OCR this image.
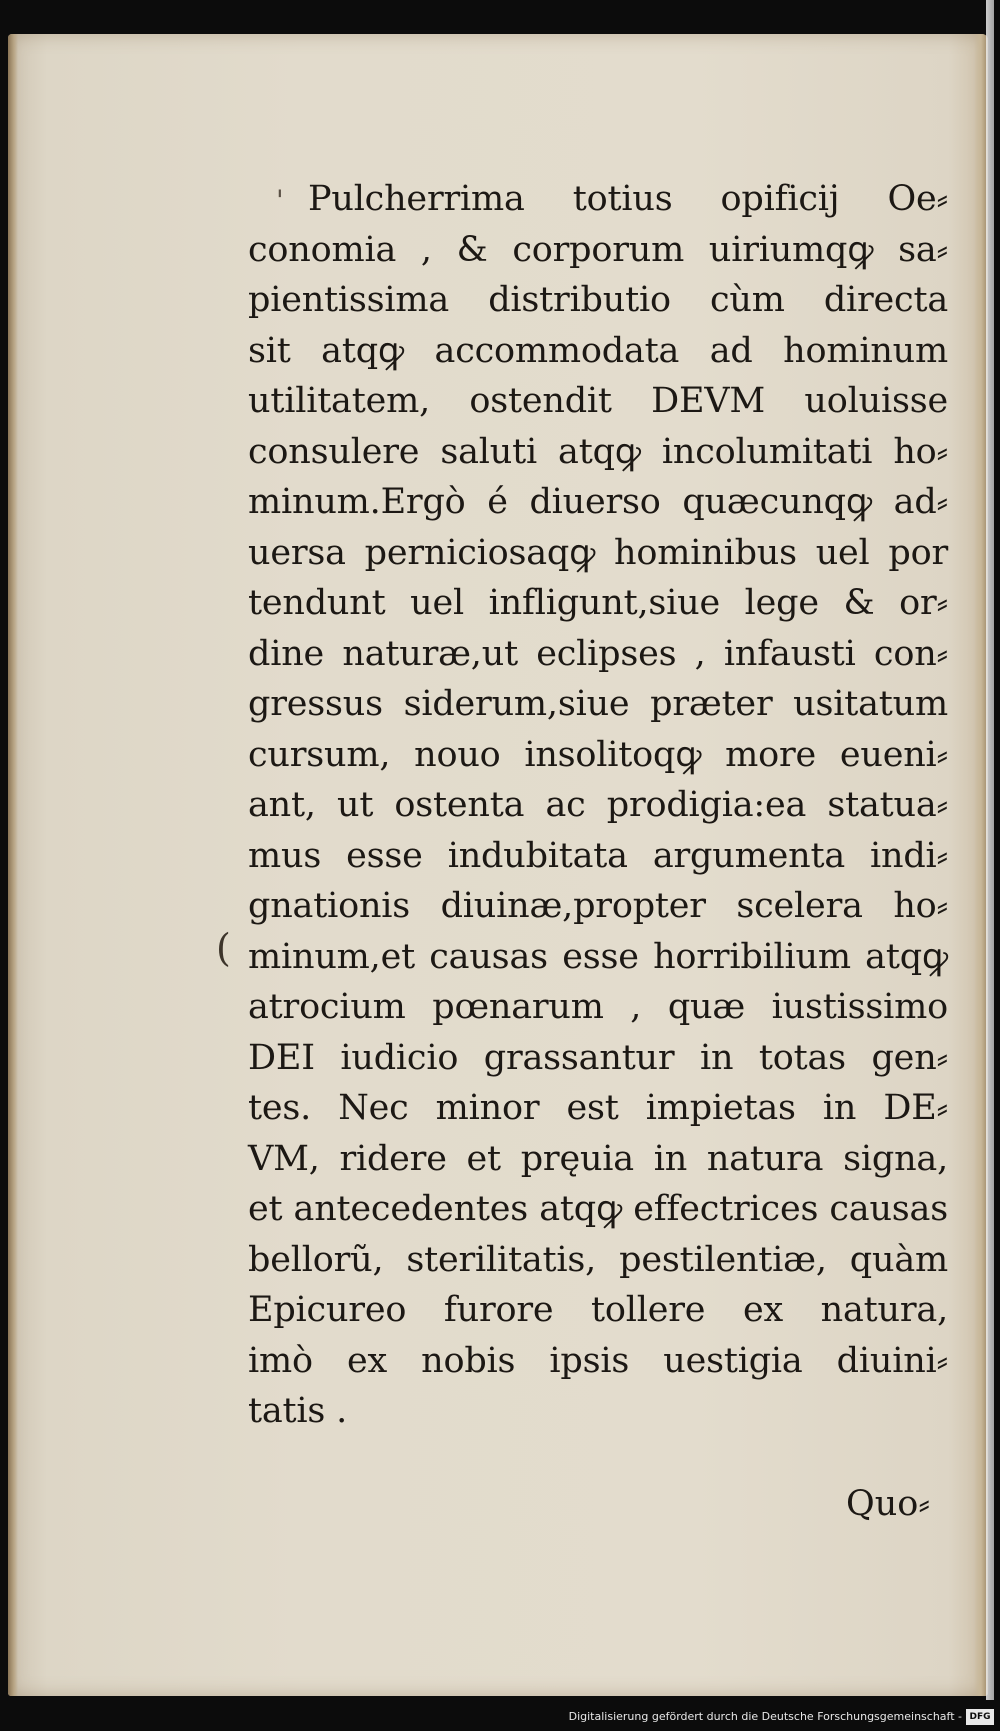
'
(
Pulcherrima totius opificij Oe⸗
conomia , & corporum uiriumqꝙ sa⸗
pientissima distributio cùm directa
sit atqꝙ accommodata ad hominum
utilitatem, ostendit DEVM uoluisse
consulere saluti atqꝙ incolumitati ho⸗
minum.Ergò é diuerso quæcunqꝙ ad⸗
uersa perniciosaqꝙ hominibus uel por
tendunt uel infligunt,siue lege & or⸗
dine naturæ,ut eclipses , infausti con⸗
gressus siderum,siue præter usitatum
cursum, nouo insolitoqꝙ more eueni⸗
ant, ut ostenta ac prodigia:ea statua⸗
mus esse indubitata argumenta indi⸗
gnationis diuinæ,propter scelera ho⸗
minum,et causas esse horribilium atqꝙ
atrocium pœnarum , quæ iustissimo
DEI iudicio grassantur in totas gen⸗
tes. Nec minor est impietas in DE⸗
VM, ridere et pręuia in natura signa,
et antecedentes atqꝙ effectrices causas
bellorũ, sterilitatis, pestilentiæ, quàm
Epicureo furore tollere ex natura,
imò ex nobis ipsis uestigia diuini⸗
tatis .
Quo⸗
Digitalisierung gefördert durch die Deutsche Forschungsgemeinschaft - DFG
